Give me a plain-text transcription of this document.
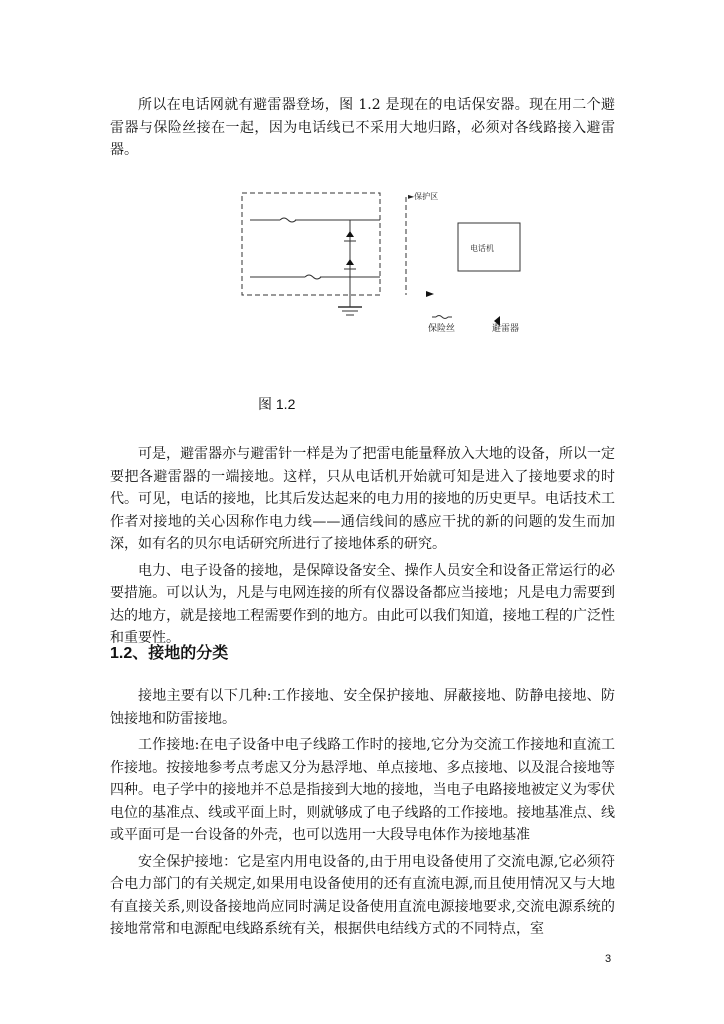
所以在电话网就有避雷器登场，图 1.2 是现在的电话保安器。现在用二个避雷器与保险丝接在一起，因为电话线已不采用大地归路，必须对各线路接入避雷器。

►保护区
电话机
保险丝	避雷器
图 1.2

可是，避雷器亦与避雷针一样是为了把雷电能量释放入大地的设备，所以一定要把各避雷器的一端接地。这样，只从电话机开始就可知是进入了接地要求的时代。可见，电话的接地，比其后发达起来的电力用的接地的历史更早。电话技术工作者对接地的关心因称作电力线——通信线间的感应干扰的新的问题的发生而加深，如有名的贝尔电话研究所进行了接地体系的研究。

电力、电子设备的接地，是保障设备安全、操作人员安全和设备正常运行的必要措施。可以认为，凡是与电网连接的所有仪器设备都应当接地；凡是电力需要到达的地方，就是接地工程需要作到的地方。由此可以我们知道，接地工程的广泛性和重要性。

1.2、接地的分类

接地主要有以下几种:工作接地、安全保护接地、屏蔽接地、防静电接地、防蚀接地和防雷接地。

工作接地:在电子设备中电子线路工作时的接地,它分为交流工作接地和直流工作接地。按接地参考点考虑又分为悬浮地、单点接地、多点接地、以及混合接地等四种。电子学中的接地并不总是指接到大地的接地，当电子电路接地被定义为零伏电位的基准点、线或平面上时，则就够成了电子线路的工作接地。接地基准点、线或平面可是一台设备的外壳，也可以选用一大段导电体作为接地基准

安全保护接地：它是室内用电设备的,由于用电设备使用了交流电源,它必须符合电力部门的有关规定,如果用电设备使用的还有直流电源,而且使用情况又与大地有直接关系,则设备接地尚应同时满足设备使用直流电源接地要求,交流电源系统的接地常常和电源配电线路系统有关，根据供电结线方式的不同特点，室

3
